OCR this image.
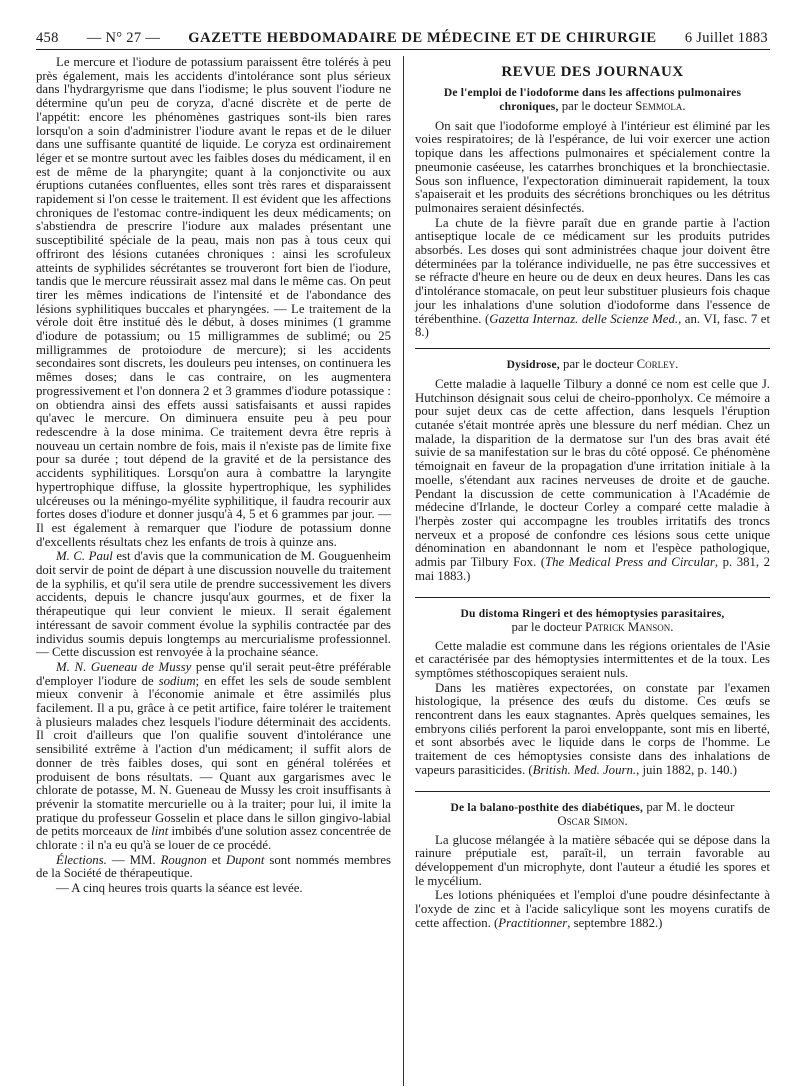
458 — N° 27 — GAZETTE HEBDOMADAIRE DE MÉDECINE ET DE CHIRURGIE 6 Juillet 1883

Le mercure et l'iodure de potassium paraissent être tolérés à peu près également, mais les accidents d'intolérance sont plus sérieux dans l'hydrargyrisme que dans l'iodisme; le plus souvent l'iodure ne détermine qu'un peu de coryza, d'acné discrète et de perte de l'appétit: encore les phénomènes gastriques sont-ils bien rares lorsqu'on a soin d'administrer l'iodure avant le repas et de le diluer dans une suffisante quantité de liquide. Le coryza est ordinairement léger et se montre surtout avec les faibles doses du médicament, il en est de même de la pharyngite; quant à la conjonctivite ou aux éruptions cutanées confluentes, elles sont très rares et disparaissent rapidement si l'on cesse le traitement. Il est évident que les affections chroniques de l'estomac contre-indiquent les deux médicaments; on s'abstiendra de prescrire l'iodure aux malades présentant une susceptibilité spéciale de la peau, mais non pas à tous ceux qui offriront des lésions cutanées chroniques : ainsi les scrofuleux atteints de syphilides sécrétantes se trouveront fort bien de l'iodure, tandis que le mercure réussirait assez mal dans le même cas. On peut tirer les mêmes indications de l'intensité et de l'abondance des lésions syphilitiques buccales et pharyngées. — Le traitement de la vérole doit être institué dès le début, à doses minimes (1 gramme d'iodure de potassium; ou 15 milligrammes de sublimé; ou 25 milligrammes de protoiodure de mercure); si les accidents secondaires sont discrets, les douleurs peu intenses, on continuera les mêmes doses; dans le cas contraire, on les augmentera progressivement et l'on donnera 2 et 3 grammes d'iodure potassique : on obtiendra ainsi des effets aussi satisfaisants et aussi rapides qu'avec le mercure. On diminuera ensuite peu à peu pour redescendre à la dose minima. Ce traitement devra être repris à nouveau un certain nombre de fois, mais il n'existe pas de limite fixe pour sa durée ; tout dépend de la gravité et de la persistance des accidents syphilitiques. Lorsqu'on aura à combattre la laryngite hypertrophique diffuse, la glossite hypertrophique, les syphilides ulcéreuses ou la méningo-myélite syphilitique, il faudra recourir aux fortes doses d'iodure et donner jusqu'à 4, 5 et 6 grammes par jour. — Il est également à remarquer que l'iodure de potassium donne d'excellents résultats chez les enfants de trois à quinze ans.

M. C. Paul est d'avis que la communication de M. Gouguenheim doit servir de point de départ à une discussion nouvelle du traitement de la syphilis, et qu'il sera utile de prendre successivement les divers accidents, depuis le chancre jusqu'aux gourmes, et de fixer la thérapeutique qui leur convient le mieux. Il serait également intéressant de savoir comment évolue la syphilis contractée par des individus soumis depuis longtemps au mercurialisme professionnel. — Cette discussion est renvoyée à la prochaine séance.

M. N. Gueneau de Mussy pense qu'il serait peut-être préférable d'employer l'iodure de sodium; en effet les sels de soude semblent mieux convenir à l'économie animale et être assimilés plus facilement. Il a pu, grâce à ce petit artifice, faire tolérer le traitement à plusieurs malades chez lesquels l'iodure déterminait des accidents. Il croit d'ailleurs que l'on qualifie souvent d'intolérance une sensibilité extrême à l'action d'un médicament; il suffit alors de donner de très faibles doses, qui sont en général tolérées et produisent de bons résultats. — Quant aux gargarismes avec le chlorate de potasse, M. N. Gueneau de Mussy les croit insuffisants à prévenir la stomatite mercurielle ou à la traiter; pour lui, il imite la pratique du professeur Gosselin et place dans le sillon gingivo-labial de petits morceaux de lint imbibés d'une solution assez concentrée de chlorate : il n'a eu qu'à se louer de ce procédé.

Élections. — MM. Rougnon et Dupont sont nommés membres de la Société de thérapeutique.

— A cinq heures trois quarts la séance est levée.

REVUE DES JOURNAUX
De l'emploi de l'iodoforme dans les affections pulmonaires chroniques, par le docteur Semmola.

On sait que l'iodoforme employé à l'intérieur est éliminé par les voies respiratoires; de là l'espérance, de lui voir exercer une action topique dans les affections pulmonaires et spécialement contre la pneumonie caséeuse, les catarrhes bronchiques et la bronchiectasie. Sous son influence, l'expectoration diminuerait rapidement, la toux s'apaiserait et les produits des sécrétions bronchiques ou les détritus pulmonaires seraient désinfectés.

La chute de la fièvre paraît due en grande partie à l'action antiseptique locale de ce médicament sur les produits putrides absorbés. Les doses qui sont administrées chaque jour doivent être déterminées par la tolérance individuelle, ne pas être successives et se réfracte d'heure en heure ou de deux en deux heures. Dans les cas d'intolérance stomacale, on peut leur substituer plusieurs fois chaque jour les inhalations d'une solution d'iodoforme dans l'essence de térébenthine. (Gazetta Internaz. delle Scienze Med., an. VI, fasc. 7 et 8.)

Dysidrose, par le docteur Corley.

Cette maladie à laquelle Tilbury a donné ce nom est celle que J. Hutchinson désignait sous celui de cheiro-pропholyx. Ce mémoire a pour sujet deux cas de cette affection, dans lesquels l'éruption cutanée s'était montrée après une blessure du nerf médian. Chez un malade, la disparition de la dermatose sur l'un des bras avait été suivie de sa manifestation sur le bras du côté opposé. Ce phénomène témoignait en faveur de la propagation d'une irritation initiale à la moelle, s'étendant aux racines nerveuses de droite et de gauche. Pendant la discussion de cette communication à l'Académie de médecine d'Irlande, le docteur Corley a comparé cette maladie à l'herpès zoster qui accompagne les troubles irritatifs des troncs nerveux et a proposé de confondre ces lésions sous cette unique dénomination en abandonnant le nom et l'espèce pathologique, admis par Tilbury Fox. (The Medical Press and Circular, p. 381, 2 mai 1883.)

Du distoma Ringeri et des hémoptysies parasitaires,
par le docteur Patrick Manson.

Cette maladie est commune dans les régions orientales de l'Asie et caractérisée par des hémoptysies intermittentes et de la toux. Les symptômes stéthoscopiques seraient nuls.

Dans les matières expectorées, on constate par l'examen histologique, la présence des œufs du distome. Ces œufs se rencontrent dans les eaux stagnantes. Après quelques semaines, les embryons ciliés perforent la paroi enveloppante, sont mis en liberté, et sont absorbés avec le liquide dans le corps de l'homme. Le traitement de ces hémoptysies consiste dans des inhalations de vapeurs parasiticides. (British. Med. Journ., juin 1882, p. 140.)

De la balano-posthite des diabétiques, par M. le docteur
Oscar Simon.

La glucose mélangée à la matière sébacée qui se dépose dans la rainure préputiale est, paraît-il, un terrain favorable au développement d'un microphyte, dont l'auteur a étudié les spores et le mycélium.

Les lotions phéniquées et l'emploi d'une poudre désinfectante à l'oxyde de zinc et à l'acide salicylique sont les moyens curatifs de cette affection. (Practitionner, septembre 1882.)
